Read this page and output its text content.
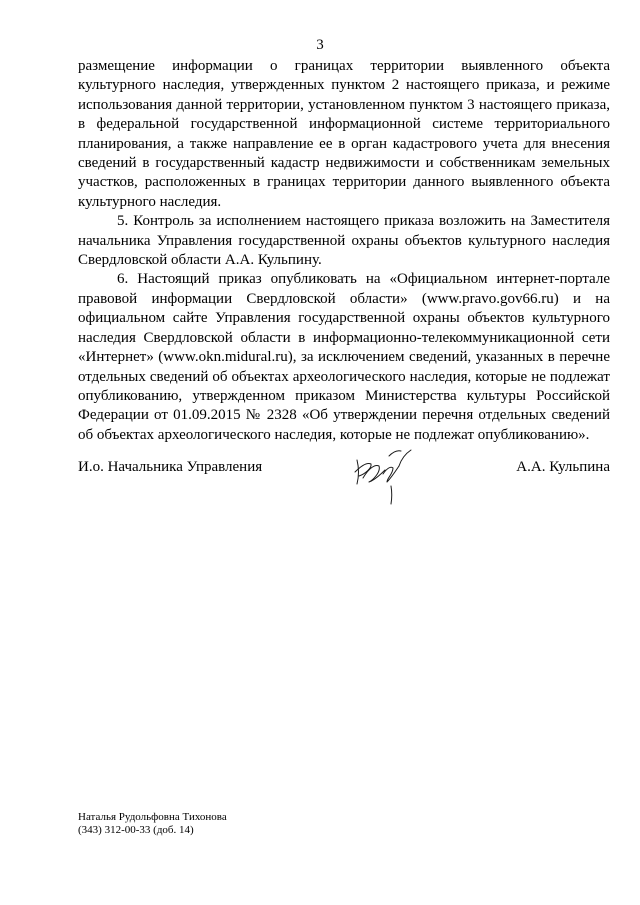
3

размещение информации о границах территории выявленного объекта культурного наследия, утвержденных пунктом 2 настоящего приказа, и режиме использования данной территории, установленном пунктом 3 настоящего приказа, в федеральной государственной информационной системе территориального планирования, а также направление ее в орган кадастрового учета для внесения сведений в государственный кадастр недвижимости и собственникам земельных участков, расположенных в границах территории данного выявленного объекта культурного наследия.

5. Контроль за исполнением настоящего приказа возложить на Заместителя начальника Управления государственной охраны объектов культурного наследия Свердловской области А.А. Кульпину.

6. Настоящий приказ опубликовать на «Официальном интернет-портале правовой информации Свердловской области» (www.pravo.gov66.ru) и на официальном сайте Управления государственной охраны объектов культурного наследия Свердловской области в информационно-телекоммуникационной сети «Интернет» (www.okn.midural.ru), за исключением сведений, указанных в перечне отдельных сведений об объектах археологического наследия, которые не подлежат опубликованию, утвержденном приказом Министерства культуры Российской Федерации от 01.09.2015 № 2328 «Об утверждении перечня отдельных сведений об объектах археологического наследия, которые не подлежат опубликованию».

И.о. Начальника Управления	А.А. Кульпина
Наталья Рудольфовна Тихонова
(343) 312-00-33 (доб. 14)
